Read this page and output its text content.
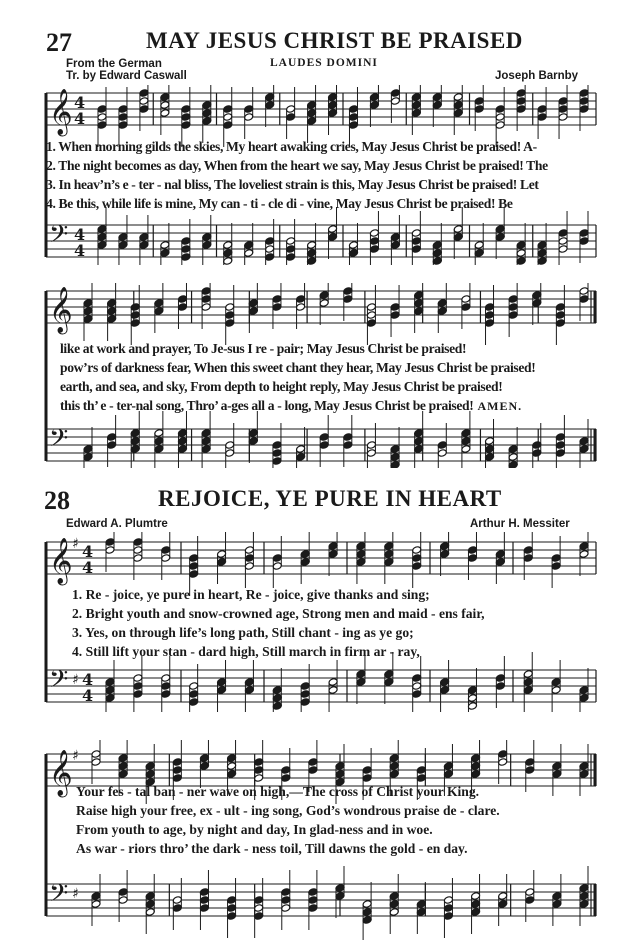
27	MAY JESUS CHRIST BE PRAISED
From the German
Tr. by Edward Caswall
LAUDES DOMINI
Joseph Barnby
𝄞
𝄢
4
4
4
4
1. When morning gilds the skies, My heart awaking cries, May Jesus Christ be praised! A-
2. The night becomes as day, When from the heart we say, May Jesus Christ be praised! The
3. In heav’n’s e - ter - nal bliss, The loveliest strain is this, May Jesus Christ be praised! Let
4. Be this, while life is mine, My can - ti - cle di - vine, May Jesus Christ be praised! Be
𝄞
𝄢
like at work and prayer, To Je-sus I re - pair; May Jesus Christ be praised!
pow’rs of darkness fear, When this sweet chant they hear, May Jesus Christ be praised!
earth, and sea, and sky, From depth to height reply, May Jesus Christ be praised!
this th’ e - ter-nal song, Thro’ a-ges all a - long, May Jesus Christ be praised! AMEN.
28	REJOICE, YE PURE IN HEART
Edward A. Plumtre	Arthur H. Messiter
𝄞
𝄢
♯
♯
4
4
4
4
1. Re - joice, ye pure in heart, Re - joice, give thanks and sing;
2. Bright youth and snow-crowned age, Strong men and maid - ens fair,
3. Yes, on through life’s long path, Still chant - ing as ye go;
4. Still lift your stan - dard high, Still march in firm ar - ray,
𝄞
𝄢
♯
♯
Your fes - tal ban - ner wave on high,—The cross of Christ your King.
Raise high your free, ex - ult - ing song, God’s wondrous praise de - clare.
From youth to age, by night and day, In glad-ness and in woe.
As war - riors thro’ the dark - ness toil, Till dawns the gold - en day.
